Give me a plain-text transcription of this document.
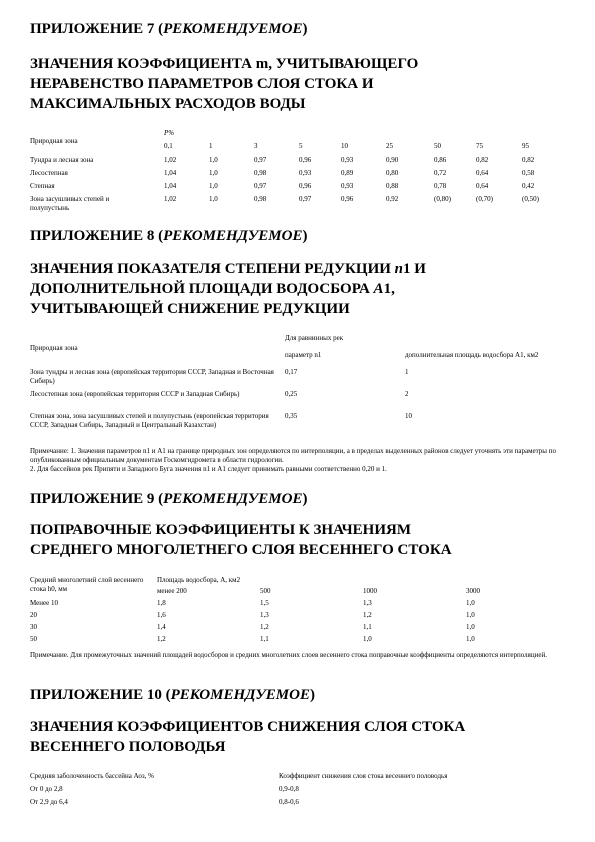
ПРИЛОЖЕНИЕ 7 (РЕКОМЕНДУЕМОЕ)
ЗНАЧЕНИЯ КОЭФФИЦИЕНТА m, УЧИТЫВАЮЩЕГО
НЕРАВЕНСТВО ПАРАМЕТРОВ СЛОЯ СТОКА И
МАКСИМАЛЬНЫХ РАСХОДОВ ВОДЫ
Природная зона	P%								
	0,1	1	3	5	10	25	50	75	95
Тундра и лесная зона	1,02	1,0	0,97	0,96	0,93	0,90	0,86	0,82	0,82
Лесостепная	1,04	1,0	0,98	0,93	0,89	0,80	0,72	0,64	0,58
Степная	1,04	1,0	0,97	0,96	0,93	0,88	0,78	0,64	0,42
Зона засушливых степей и полупустынь	1,02	1,0	0,98	0,97	0,96	0,92	(0,80)	(0,70)	(0,50)
ПРИЛОЖЕНИЕ 8 (РЕКОМЕНДУЕМОЕ)
ЗНАЧЕНИЯ ПОКАЗАТЕЛЯ СТЕПЕНИ РЕДУКЦИИ n1 И
ДОПОЛНИТЕЛЬНОЙ ПЛОЩАДИ ВОДОСБОРА A1,
УЧИТЫВАЮЩЕЙ СНИЖЕНИЕ РЕДУКЦИИ
Природная зона	Для равнинных рек	
	параметр n1	дополнительная площадь водосбора A1, км2
Зона тундры и лесная зона (европейская территория СССР, Западная и Восточная Сибирь)	0,17	1
Лесостепная зона (европейская территория СССР и Западная Сибирь)	0,25	2
Степная зона, зона засушливых степей и полупустынь (европейская территория СССР, Западная Сибирь, Западный и Центральный Казахстан)	0,35	10

Примечание: 1. Значения параметров n1 и A1 на границе природных зон определяются по интерполяции, а в пределах выделенных районов следует уточнять эти параметры по опубликованным официальным документам Госкомгидромета в области гидрологии.

2. Для бассейнов рек Припяти и Западного Буга значения n1 и A1 следует принимать равными соответственно 0,20 и 1.

ПРИЛОЖЕНИЕ 9 (РЕКОМЕНДУЕМОЕ)
ПОПРАВОЧНЫЕ КОЭФФИЦИЕНТЫ К ЗНАЧЕНИЯМ
СРЕДНЕГО МНОГОЛЕТНЕГО СЛОЯ ВЕСЕННЕГО СТОКА
Средний многолетний слой весеннего стока h0, мм	Площадь водосбора, A, км2			
	менее 200	500	1000	3000
Менее 10	1,8	1,5	1,3	1,0
20	1,6	1,3	1,2	1,0
30	1,4	1,2	1,1	1,0
50	1,2	1,1	1,0	1,0

Примечание. Для промежуточных значений площадей водосборов и средних многолетних слоев весеннего стока поправочные коэффициенты определяются интерполяцией.

ПРИЛОЖЕНИЕ 10 (РЕКОМЕНДУЕМОЕ)
ЗНАЧЕНИЯ КОЭФФИЦИЕНТОВ СНИЖЕНИЯ СЛОЯ СТОКА
ВЕСЕННЕГО ПОЛОВОДЬЯ
Средняя заболоченность бассейна Аоз, %	Коэффициент снижения слоя стока весеннего половодья
От 0 до 2,8	0,9-0,8
От 2,9 до 6,4	0,8-0,6
